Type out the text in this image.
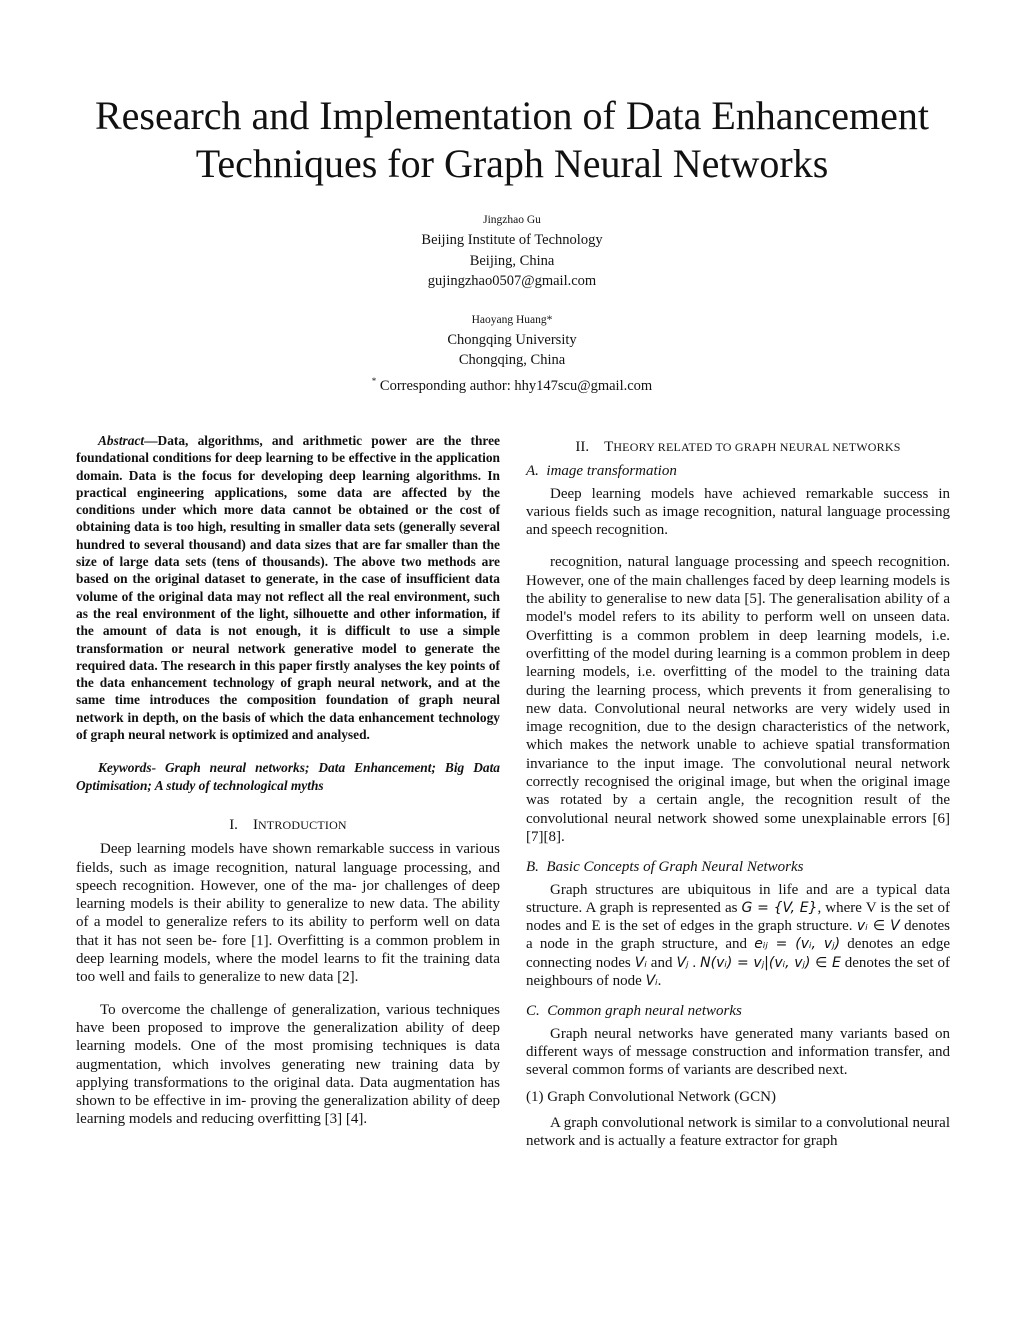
Research and Implementation of Data Enhancement
Techniques for Graph Neural Networks
Jingzhao Gu
Beijing Institute of Technology
Beijing, China
gujingzhao0507@gmail.com
Haoyang Huang*
Chongqing University
Chongqing, China
* Corresponding author: hhy147scu@gmail.com

Abstract—Data, algorithms, and arithmetic power are the three foundational conditions for deep learning to be effective in the application domain. Data is the focus for developing deep learning algorithms. In practical engineering applications, some data are affected by the conditions under which more data cannot be obtained or the cost of obtaining data is too high, resulting in smaller data sets (generally several hundred to several thousand) and data sizes that are far smaller than the size of large data sets (tens of thousands). The above two methods are based on the original dataset to generate, in the case of insufficient data volume of the original data may not reflect all the real environment, such as the real environment of the light, silhouette and other information, if the amount of data is not enough, it is difficult to use a simple transformation or neural network generative model to generate the required data. The research in this paper firstly analyses the key points of the data enhancement technology of graph neural network, and at the same time introduces the composition foundation of graph neural network in depth, on the basis of which the data enhancement technology of graph neural network is optimized and analysed.

Keywords- Graph neural networks; Data Enhancement; Big Data Optimisation; A study of technological myths

I. INTRODUCTION

Deep learning models have shown remarkable success in various fields, such as image recognition, natural language processing, and speech recognition. However, one of the ma- jor challenges of deep learning models is their ability to generalize to new data. The ability of a model to generalize refers to its ability to perform well on data that it has not seen be- fore [1]. Overfitting is a common problem in deep learning models, where the model learns to fit the training data too well and fails to generalize to new data [2].

To overcome the challenge of generalization, various techniques have been proposed to improve the generalization ability of deep learning models. One of the most promising techniques is data augmentation, which involves generating new training data by applying transformations to the original data. Data augmentation has shown to be effective in im- proving the generalization ability of deep learning models and reducing overfitting [3] [4].

II. THEORY RELATED TO GRAPH NEURAL NETWORKS
A. image transformation

Deep learning models have achieved remarkable success in various fields such as image recognition, natural language processing and speech recognition.

recognition, natural language processing and speech recognition. However, one of the main challenges faced by deep learning models is the ability to generalise to new data [5]. The generalisation ability of a model's model refers to its ability to perform well on unseen data. Overfitting is a common problem in deep learning models, i.e. overfitting of the model during learning is a common problem in deep learning models, i.e. overfitting of the model to the training data during the learning process, which prevents it from generalising to new data. Convolutional neural networks are very widely used in image recognition, due to the design characteristics of the network, which makes the network unable to achieve spatial transformation invariance to the input image. The convolutional neural network correctly recognised the original image, but when the original image was rotated by a certain angle, the recognition result of the convolutional neural network showed some unexplainable errors [6] [7][8].

B. Basic Concepts of Graph Neural Networks

Graph structures are ubiquitous in life and are a typical data structure. A graph is represented as G = {V, E}, where V is the set of nodes and E is the set of edges in the graph structure. vᵢ ∈ V denotes a node in the graph structure, and eᵢⱼ = (vᵢ, vⱼ) denotes an edge connecting nodes Vᵢ and Vⱼ . N(vᵢ) = vⱼ|(vᵢ, vⱼ) ∈ E denotes the set of neighbours of node Vᵢ.

C. Common graph neural networks

Graph neural networks have generated many variants based on different ways of message construction and information transfer, and several common forms of variants are described next.

(1) Graph Convolutional Network (GCN)

A graph convolutional network is similar to a convolutional neural network and is actually a feature extractor for graph
